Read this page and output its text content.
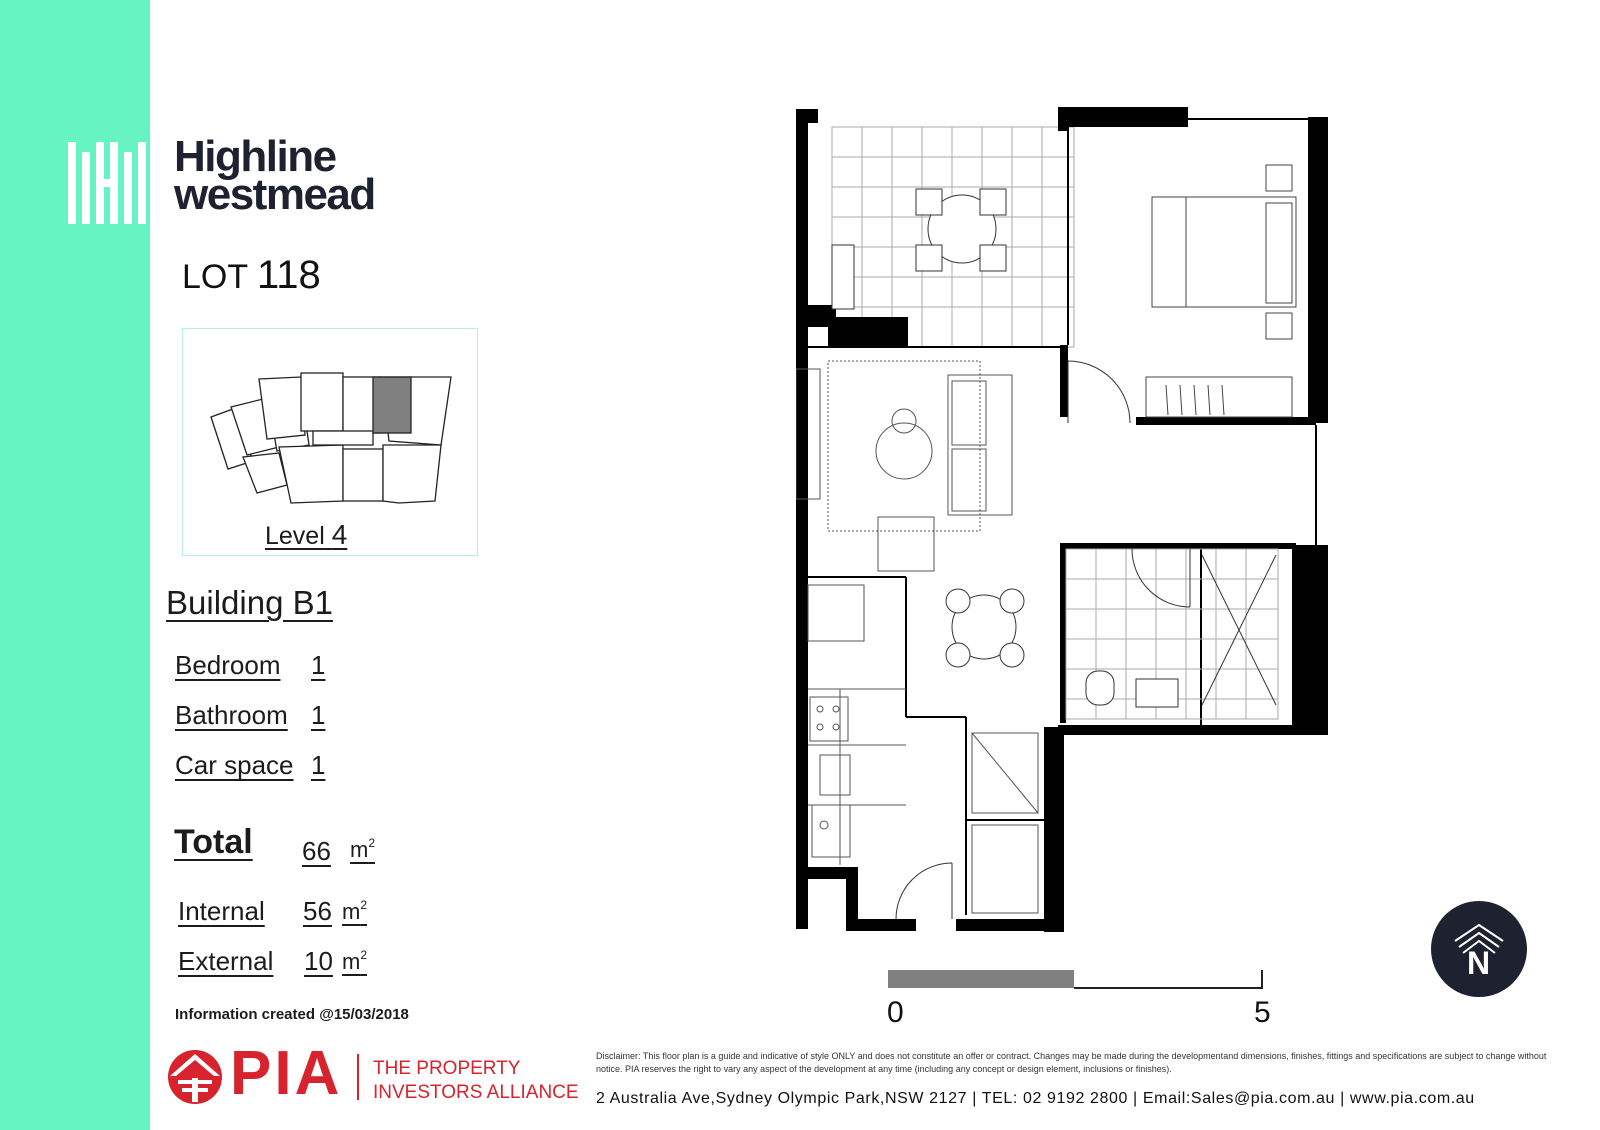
Highline
westmead
LOT 118
Level 4
Building B1
Bedroom 1
Bathroom 1
Car space 1
Total 66 $m^2$
Internal 56 $m^2$
External 10 $m^2$
Information created @15/03/2018	0	5
N
PIA THE PROPERTY
INVESTORS ALLIANCE
Disclaimer: This floor plan is a guide and indicative of style ONLY and does not constitute an offer or contract. Changes may be made during the developmentand dimensions, finishes, fittings and specifications are subject to change without notice. PIA reserves the right to vary any aspect of the development at any time (including any concept or design element, inclusions or finishes).
2 Australia Ave,Sydney Olympic Park,NSW 2127 | TEL: 02 9192 2800 | Email:Sales@pia.com.au | www.pia.com.au
